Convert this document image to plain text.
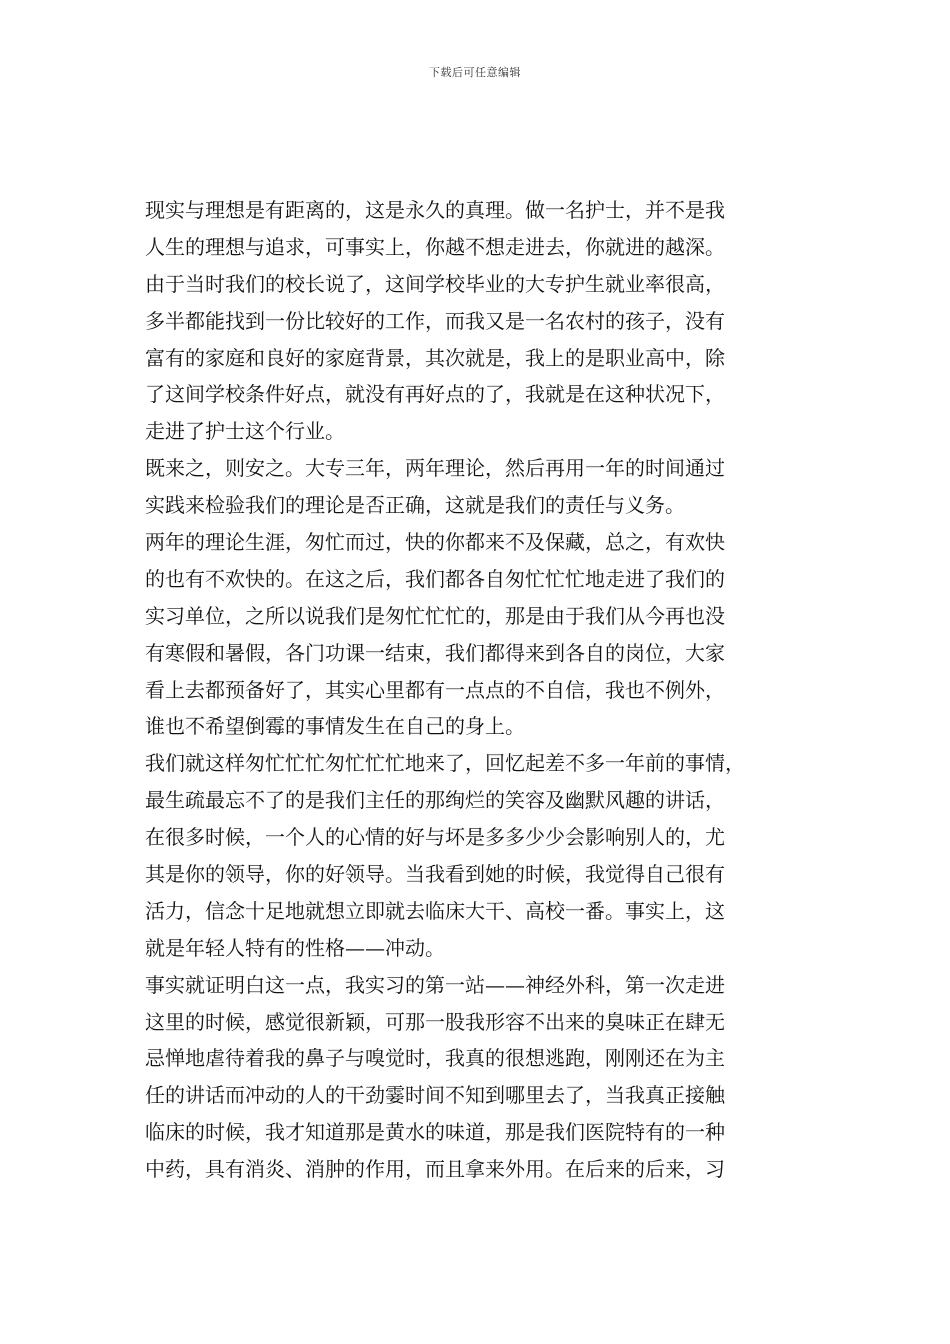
下载后可任意编辑
现实与理想是有距离的，这是永久的真理。做一名护士，并不是我
人生的理想与追求，可事实上，你越不想走进去，你就进的越深。
由于当时我们的校长说了，这间学校毕业的大专护生就业率很高，
多半都能找到一份比较好的工作，而我又是一名农村的孩子，没有
富有的家庭和良好的家庭背景，其次就是，我上的是职业高中，除
了这间学校条件好点，就没有再好点的了，我就是在这种状况下，
走进了护士这个行业。
既来之，则安之。大专三年，两年理论，然后再用一年的时间通过
实践来检验我们的理论是否正确，这就是我们的责任与义务。
两年的理论生涯，匆忙而过，快的你都来不及保藏，总之，有欢快
的也有不欢快的。在这之后，我们都各自匆忙忙忙地走进了我们的
实习单位，之所以说我们是匆忙忙忙的，那是由于我们从今再也没
有寒假和暑假，各门功课一结束，我们都得来到各自的岗位，大家
看上去都预备好了，其实心里都有一点点的不自信，我也不例外，
谁也不希望倒霉的事情发生在自己的身上。
我们就这样匆忙忙忙匆忙忙忙地来了，回忆起差不多一年前的事情，
最生疏最忘不了的是我们主任的那绚烂的笑容及幽默风趣的讲话，
在很多时候，一个人的心情的好与坏是多多少少会影响别人的，尤
其是你的领导，你的好领导。当我看到她的时候，我觉得自己很有
活力，信念十足地就想立即就去临床大干、高校一番。事实上，这
就是年轻人特有的性格——冲动。
事实就证明白这一点，我实习的第一站——神经外科，第一次走进
这里的时候，感觉很新颖，可那一股我形容不出来的臭味正在肆无
忌惮地虐待着我的鼻子与嗅觉时，我真的很想逃跑，刚刚还在为主
任的讲话而冲动的人的干劲霎时间不知到哪里去了，当我真正接触
临床的时候，我才知道那是黄水的味道，那是我们医院特有的一种
中药，具有消炎、消肿的作用，而且拿来外用。在后来的后来，习
